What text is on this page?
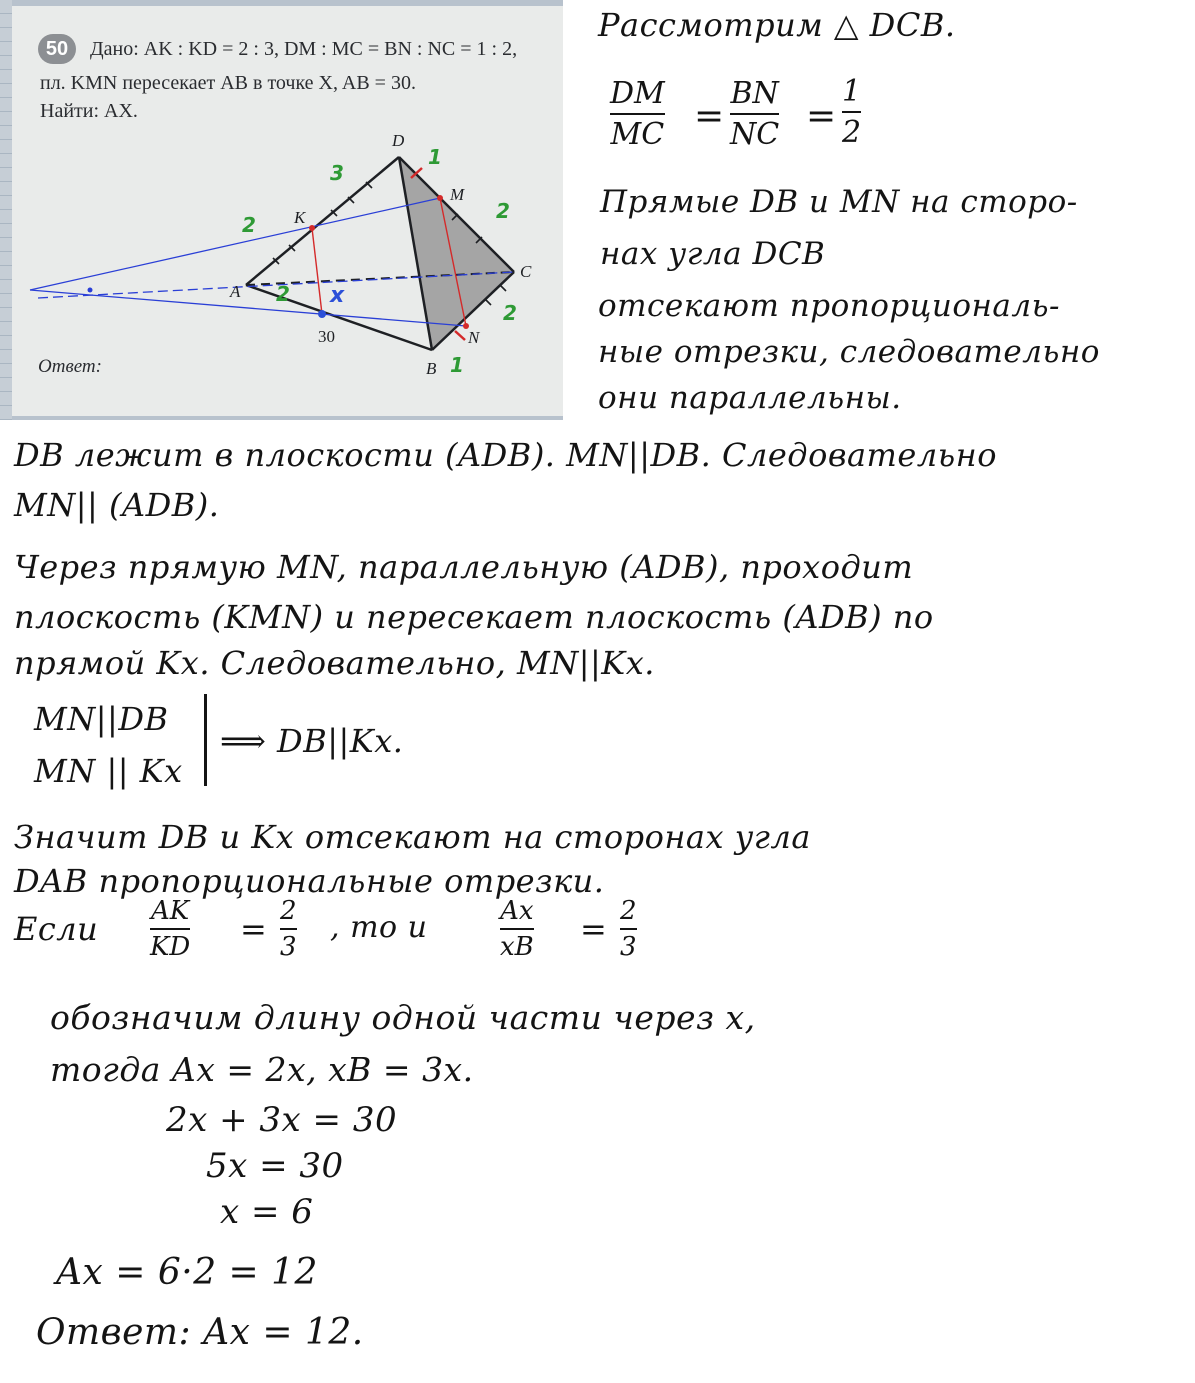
50	Дано: AK : KD = 2 : 3, DM : MC = BN : NC = 1 : 2,
пл. KMN пересекает AB в точке X, AB = 30.
Найти: AX.
D
M
K
C
A
N
B
30
3
2
1
2
2
1
2 x
Ответ:
Рассмотрим △ DCB.
DM
MC =
BN
NC =
1
2
Прямые DB и MN на сторо-
нах угла DCB
отсекают пропорциональ-
ные отрезки, следовательно
они параллельны.
DB лежит в плоскости (ADB). MN||DB. Следовательно
MN|| (ADB).
Через прямую MN, параллельную (ADB), проходит
плоскость (KMN) и пересекает плоскость (ADB) по
прямой Kx. Следовательно, MN||Kx.
MN||DB
MN || Kx
⟹ DB||Kx.
Значит DB и Kx отсекают на сторонах угла
DAB пропорциональные отрезки.
Если AK
KD = 2
3
, то и	Ax
xB = 2
3
обозначим длину одной части через x,
тогда Ax = 2x, xB = 3x.
2x + 3x = 30
5x = 30
x = 6
Ax = 6·2 = 12
Ответ: Ax = 12.
